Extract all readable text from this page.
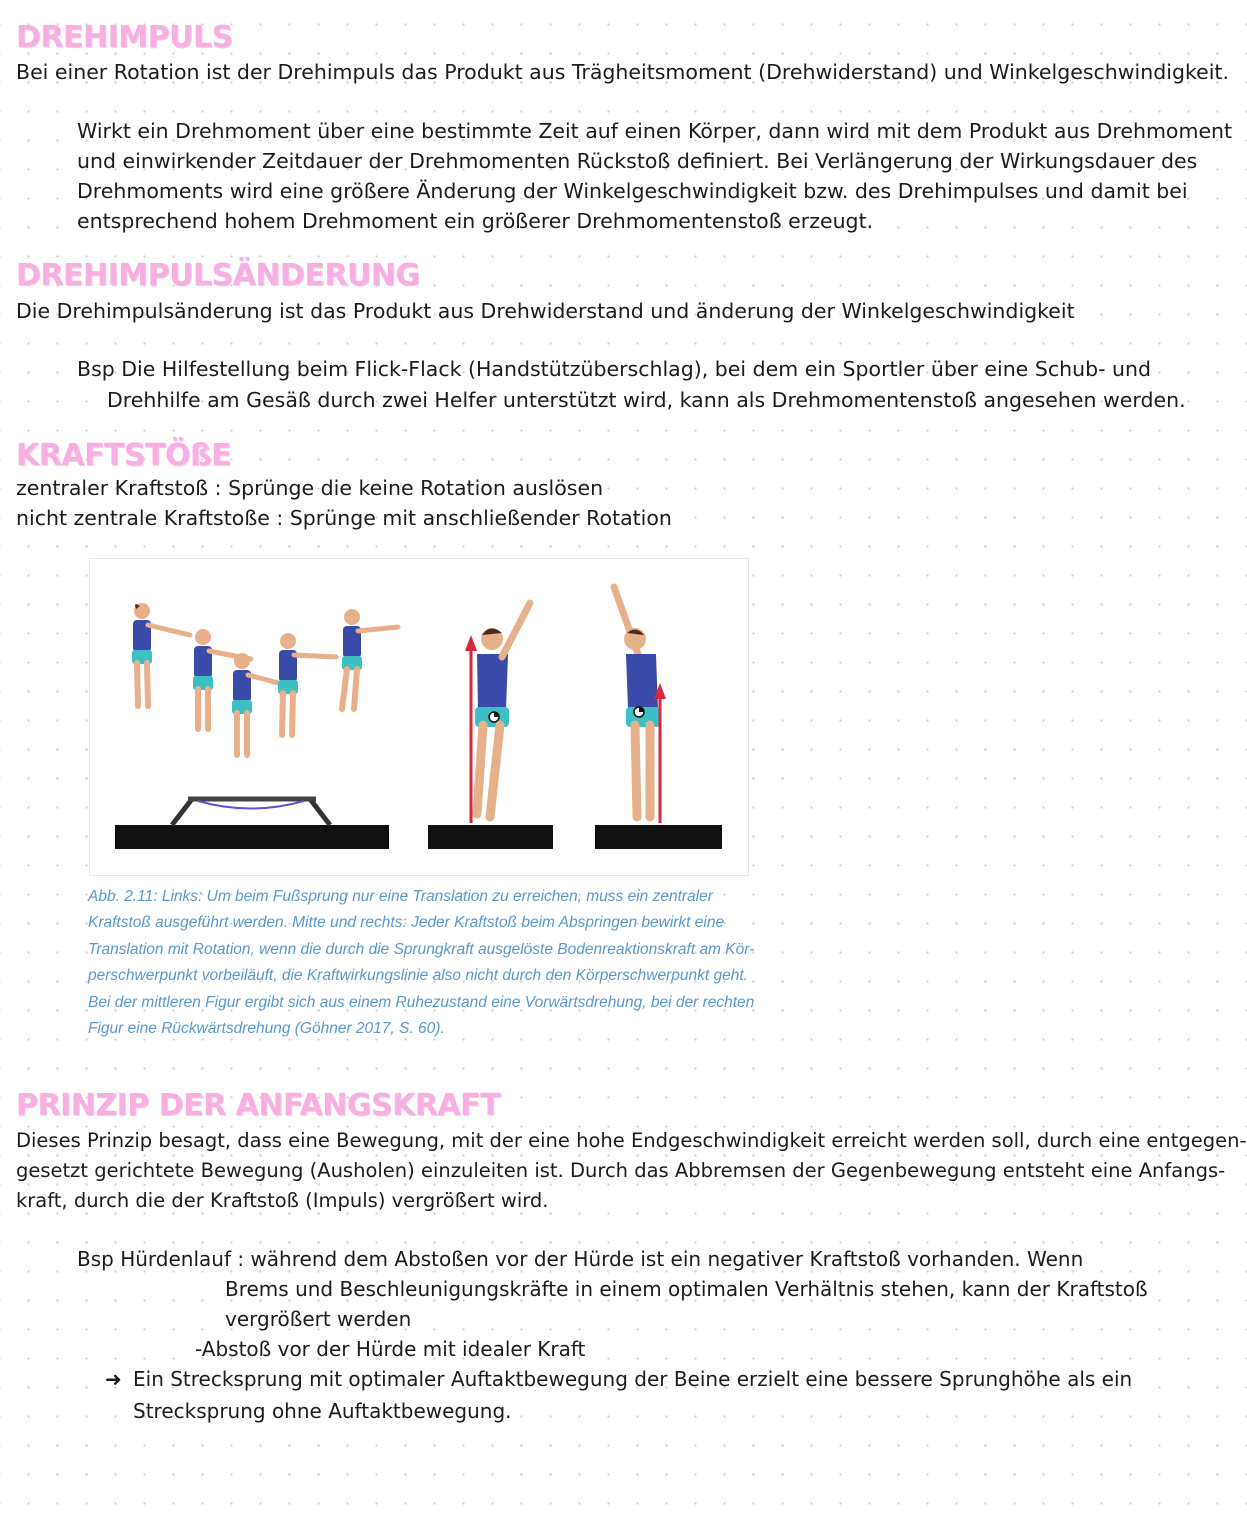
DREHIMPULS
Bei einer Rotation ist der Drehimpuls das Produkt aus Trägheitsmoment (Drehwiderstand) und Winkelgeschwindigkeit.
Wirkt ein Drehmoment über eine bestimmte Zeit auf einen Körper, dann wird mit dem Produkt aus Drehmoment
und einwirkender Zeitdauer der Drehmomenten Rückstoß definiert. Bei Verlängerung der Wirkungsdauer des
Drehmoments wird eine größere Änderung der Winkelgeschwindigkeit bzw. des Drehimpulses und damit bei
entsprechend hohem Drehmoment ein größerer Drehmomentenstoß erzeugt.
DREHIMPULSÄNDERUNG
Die Drehimpulsänderung ist das Produkt aus Drehwiderstand und änderung der Winkelgeschwindigkeit
Bsp Die Hilfestellung beim Flick-Flack (Handstützüberschlag), bei dem ein Sportler über eine Schub- und
Drehhilfe am Gesäß durch zwei Helfer unterstützt wird, kann als Drehmomentenstoß angesehen werden.
KRAFTSTÖßE
zentraler Kraftstoß : Sprünge die keine Rotation auslösen
nicht zentrale Kraftstoße : Sprünge mit anschließender Rotation
Abb. 2.11: Links: Um beim Fußsprung nur eine Translation zu erreichen, muss ein zentraler
Kraftstoß ausgeführt werden. Mitte und rechts: Jeder Kraftstoß beim Abspringen bewirkt eine
Translation mit Rotation, wenn die durch die Sprungkraft ausgelöste Bodenreaktionskraft am Kör-
perschwerpunkt vorbeiläuft, die Kraftwirkungslinie also nicht durch den Körperschwerpunkt geht.
Bei der mittleren Figur ergibt sich aus einem Ruhezustand eine Vorwärtsdrehung, bei der rechten
Figur eine Rückwärtsdrehung (Göhner 2017, S. 60).
PRINZIP DER ANFANGSKRAFT
Dieses Prinzip besagt, dass eine Bewegung, mit der eine hohe Endgeschwindigkeit erreicht werden soll, durch eine entgegen-
gesetzt gerichtete Bewegung (Ausholen) einzuleiten ist. Durch das Abbremsen der Gegenbewegung entsteht eine Anfangs-
kraft, durch die der Kraftstoß (Impuls) vergrößert wird.
Bsp Hürdenlauf : während dem Abstoßen vor der Hürde ist ein negativer Kraftstoß vorhanden. Wenn
Brems und Beschleunigungskräfte in einem optimalen Verhältnis stehen, kann der Kraftstoß
vergrößert werden
-Abstoß vor der Hürde mit idealer Kraft
➜ Ein Strecksprung mit optimaler Auftaktbewegung der Beine erzielt eine bessere Sprunghöhe als ein
Strecksprung ohne Auftaktbewegung.
